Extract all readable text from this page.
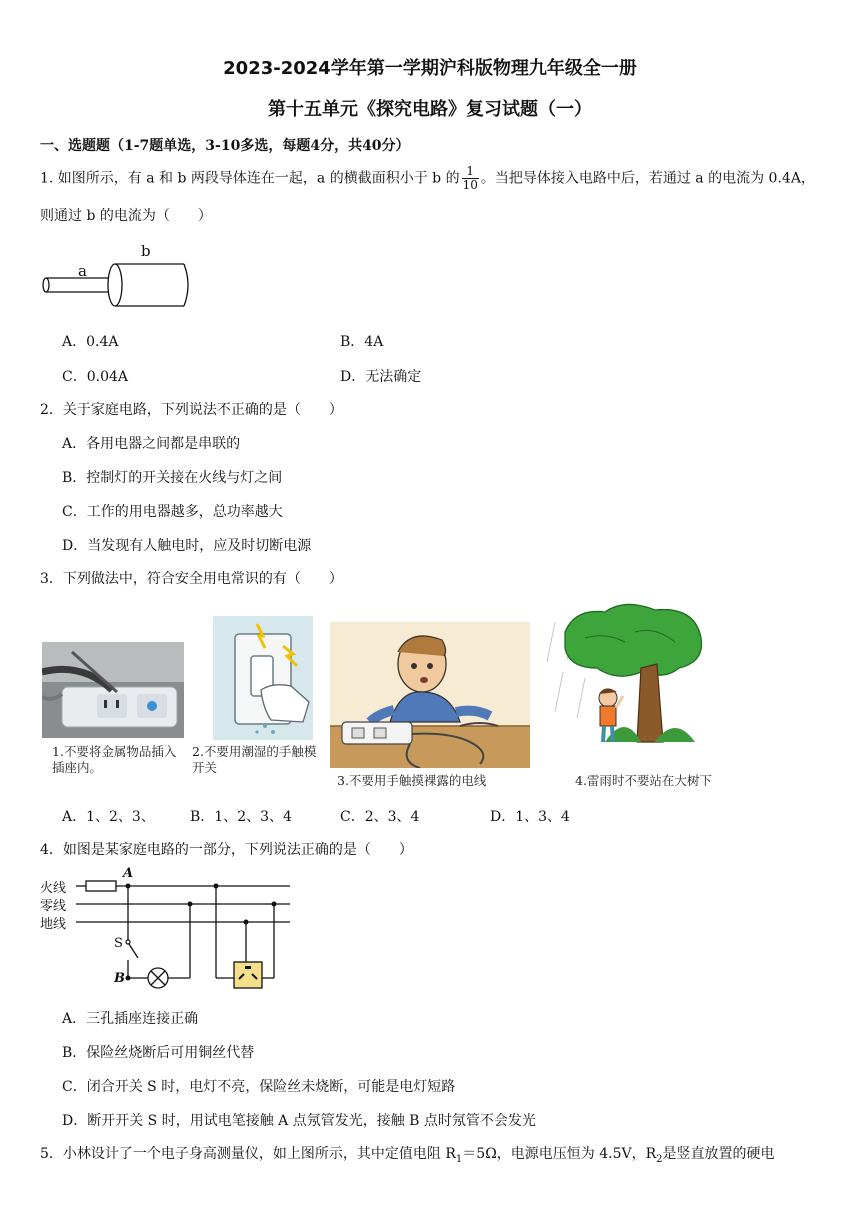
2023-2024学年第一学期沪科版物理九年级全一册
第十五单元《探究电路》复习试题（一）
一、选题题（1-7题单选，3-10多选，每题4分，共40分）
1. 如图所示，有 a 和 b 两段导体连在一起，a 的横截面积小于 b 的 $\frac{1}{10}$ 。当把导体接入电路中后，若通过 a 的电流为 0.4A，
则通过 b 的电流为（　　）
a
b
A．0.4A	B．4A
C．0.04A	D．无法确定
2．关于家庭电路，下列说法不正确的是（　　）
A．各用电器之间都是串联的
B．控制灯的开关接在火线与灯之间
C．工作的用电器越多，总功率越大
D．当发现有人触电时，应及时切断电源
3．下列做法中，符合安全用电常识的有（　　）
1.不要将金属物品插入插座内。
2.不要用潮湿的手触模开关
3.不要用手触摸裸露的电线	4.雷雨时不要站在大树下
A．1、2、3、	B．1、2、3、4	C．2、3、4	D．1、3、4
4．如图是某家庭电路的一部分，下列说法正确的是（　　）
火线
零线
地线
A
S
B
A．三孔插座连接正确
B．保险丝烧断后可用铜丝代替
C．闭合开关 S 时，电灯不亮，保险丝未烧断，可能是电灯短路
D．断开开关 S 时，用试电笔接触 A 点氖管发光，接触 B 点时氖管不会发光
5．小林设计了一个电子身高测量仪，如上图所示，其中定值电阻 $R_1=5\Omega$，电源电压恒为 4.5V，$R_2$是竖直放置的硬电
